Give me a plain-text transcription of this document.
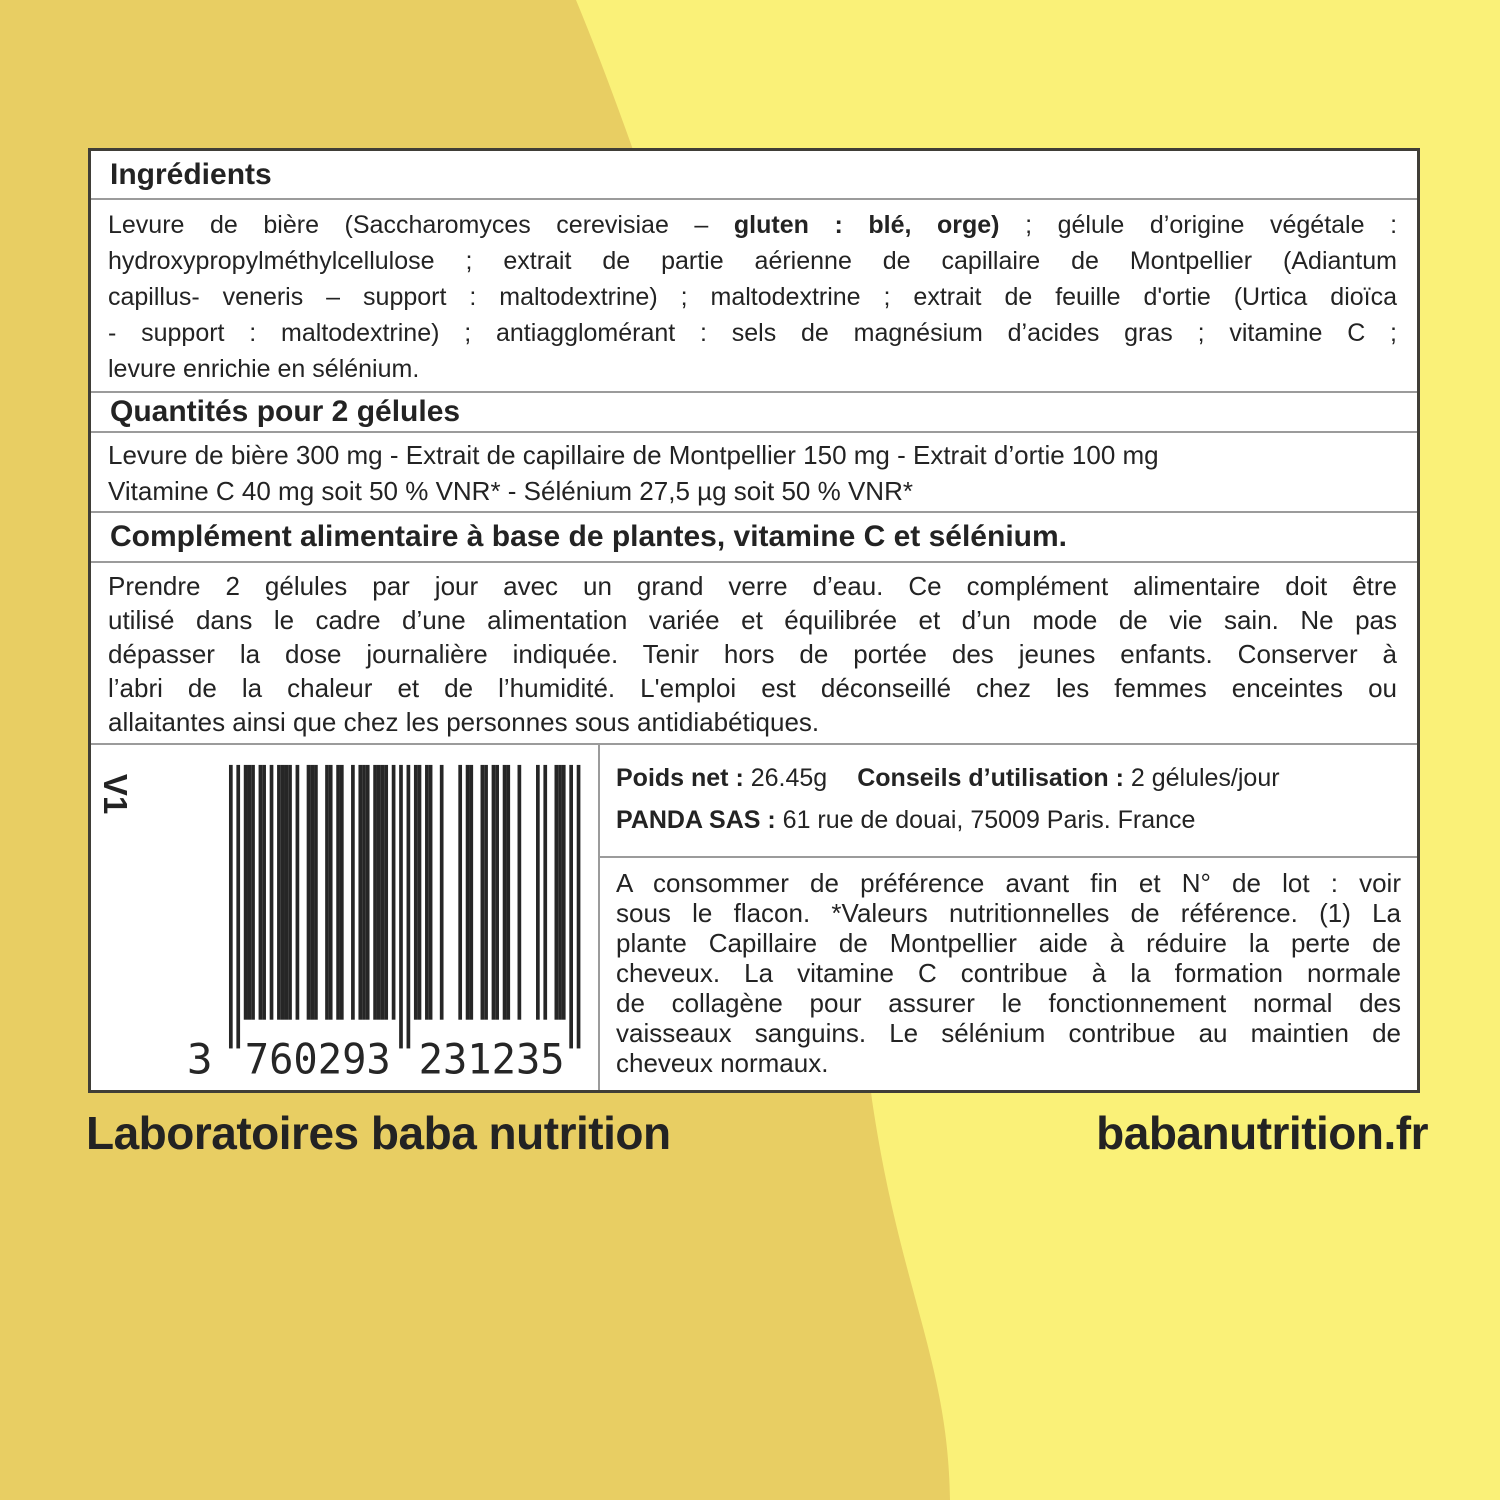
Ingrédients
Levure de bière (Saccharomyces cerevisiae – gluten : blé, orge) ; gélule d’origine végétale :
hydroxypropylméthylcellulose ; extrait de partie aérienne de capillaire de Montpellier (Adiantum
capillus- veneris – support : maltodextrine) ; maltodextrine ; extrait de feuille d'ortie (Urtica dioïca
- support : maltodextrine) ; antiagglomérant : sels de magnésium d’acides gras ; vitamine C ;
levure enrichie en sélénium.
Quantités pour 2 gélules
Levure de bière 300 mg - Extrait de capillaire de Montpellier 150 mg - Extrait d’ortie 100 mg
Vitamine C 40 mg soit 50 % VNR* - Sélénium 27,5 µg soit 50 % VNR*
Complément alimentaire à base de plantes, vitamine C et sélénium.
Prendre 2 gélules par jour avec un grand verre d’eau. Ce complément alimentaire doit être
utilisé dans le cadre d’une alimentation variée et équilibrée et d’un mode de vie sain. Ne pas
dépasser la dose journalière indiquée. Tenir hors de portée des jeunes enfants. Conserver à
l’abri de la chaleur et de l’humidité. L'emploi est déconseillé chez les femmes enceintes ou
allaitantes ainsi que chez les personnes sous antidiabétiques.
V1
3 760293 231235
Poids net : 26.45g Conseils d’utilisation : 2 gélules/jour
PANDA SAS : 61 rue de douai, 75009 Paris. France
A consommer de préférence avant fin et N° de lot : voir
sous le flacon. *Valeurs nutritionnelles de référence. (1) La
plante Capillaire de Montpellier aide à réduire la perte de
cheveux. La vitamine C contribue à la formation normale
de collagène pour assurer le fonctionnement normal des
vaisseaux sanguins. Le sélénium contribue au maintien de
cheveux normaux.
Laboratoires baba nutrition	babanutrition.fr
